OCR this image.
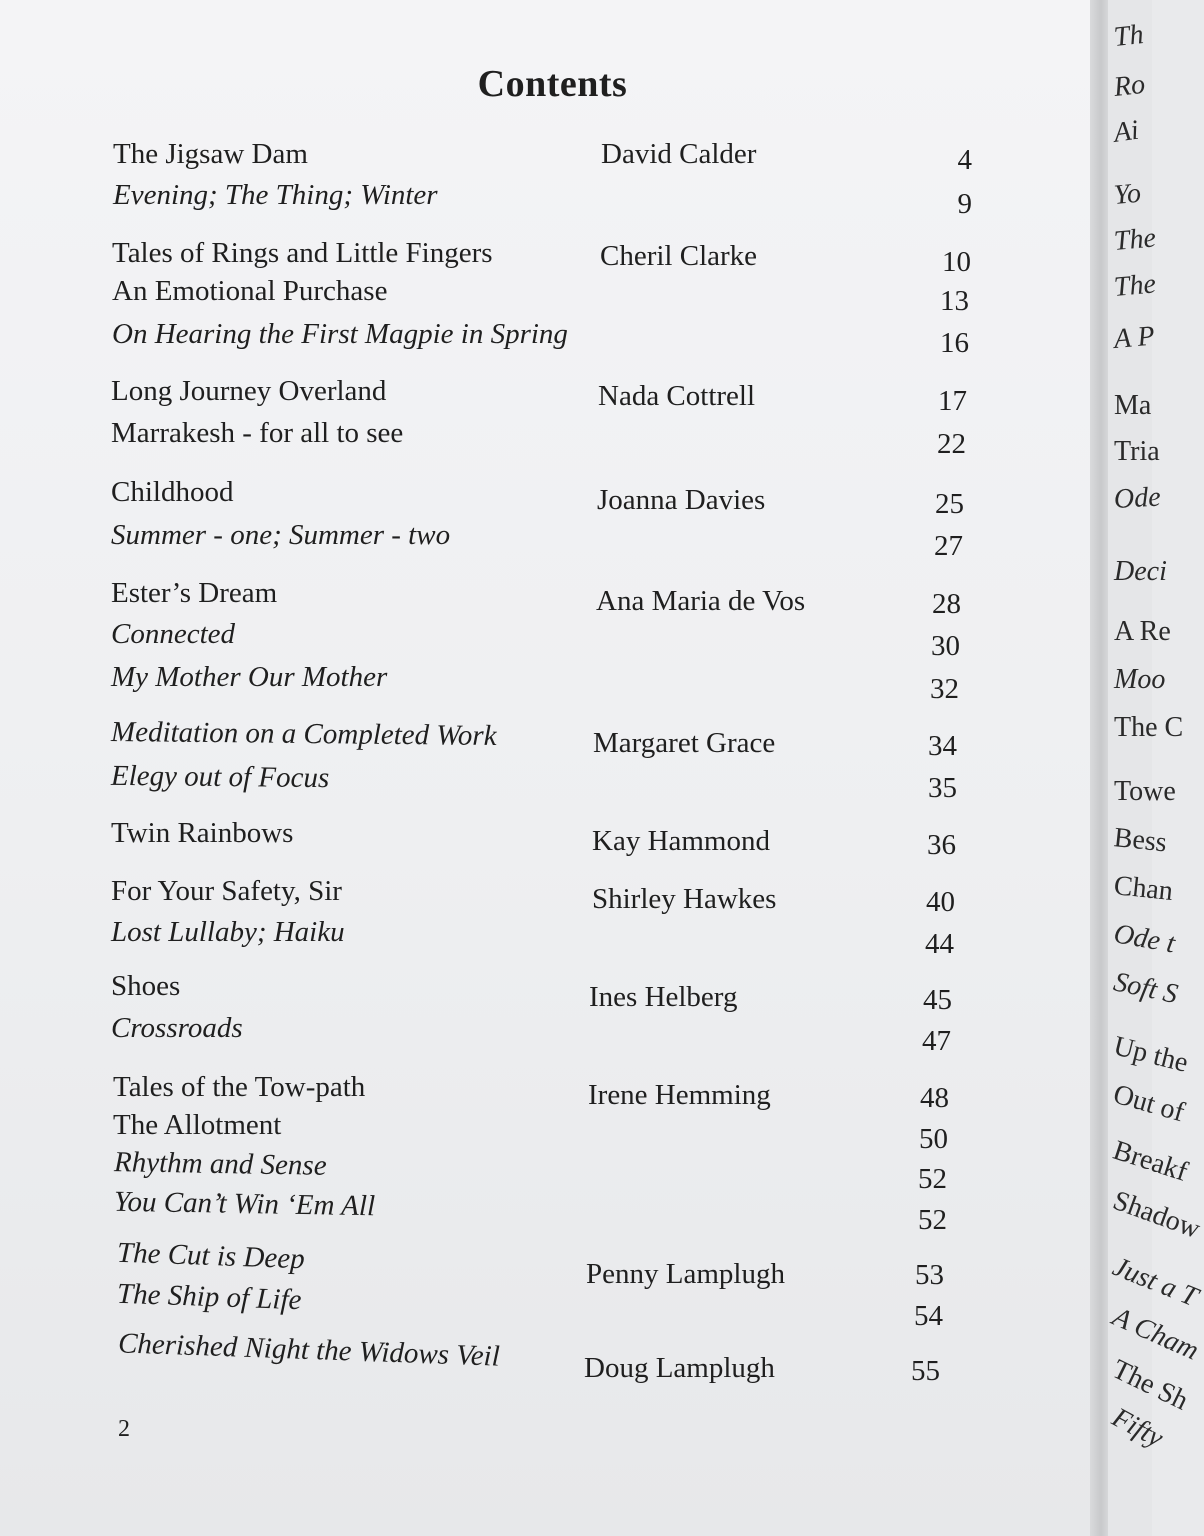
Contents
The Jigsaw Dam	David Calder	4
Evening; The Thing; Winter	9
Tales of Rings and Little Fingers	Cheril Clarke	10
An Emotional Purchase	13
On Hearing the First Magpie in Spring	16
Long Journey Overland	Nada Cottrell	17
Marrakesh - for all to see	22
Childhood	Joanna Davies	25
Summer - one; Summer - two	27
Ester’s Dream	Ana Maria de Vos	28
Connected	30
My Mother Our Mother	32
Meditation on a Completed Work	Margaret Grace	34
Elegy out of Focus	35
Twin Rainbows	Kay Hammond	36
For Your Safety, Sir	Shirley Hawkes	40
Lost Lullaby; Haiku	44
Shoes	Ines Helberg	45
Crossroads	47
Tales of the Tow-path	Irene Hemming	48
The Allotment	50
Rhythm and Sense	52
You Can’t Win ‘Em All	52
The Cut is Deep	Penny Lamplugh	53
The Ship of Life	54
Cherished Night the Widows Veil	Doug Lamplugh	55
2
Th
Ro
Ai
Yo
The
The
A P
Ma
Tria
Ode
Deci
A Re
Moo
The C
Towe
Bess
Chan
Ode t
Soft S
Up the
Out of
Breakf
Shadow
Just a T
A Cham
The Sh
Fifty
